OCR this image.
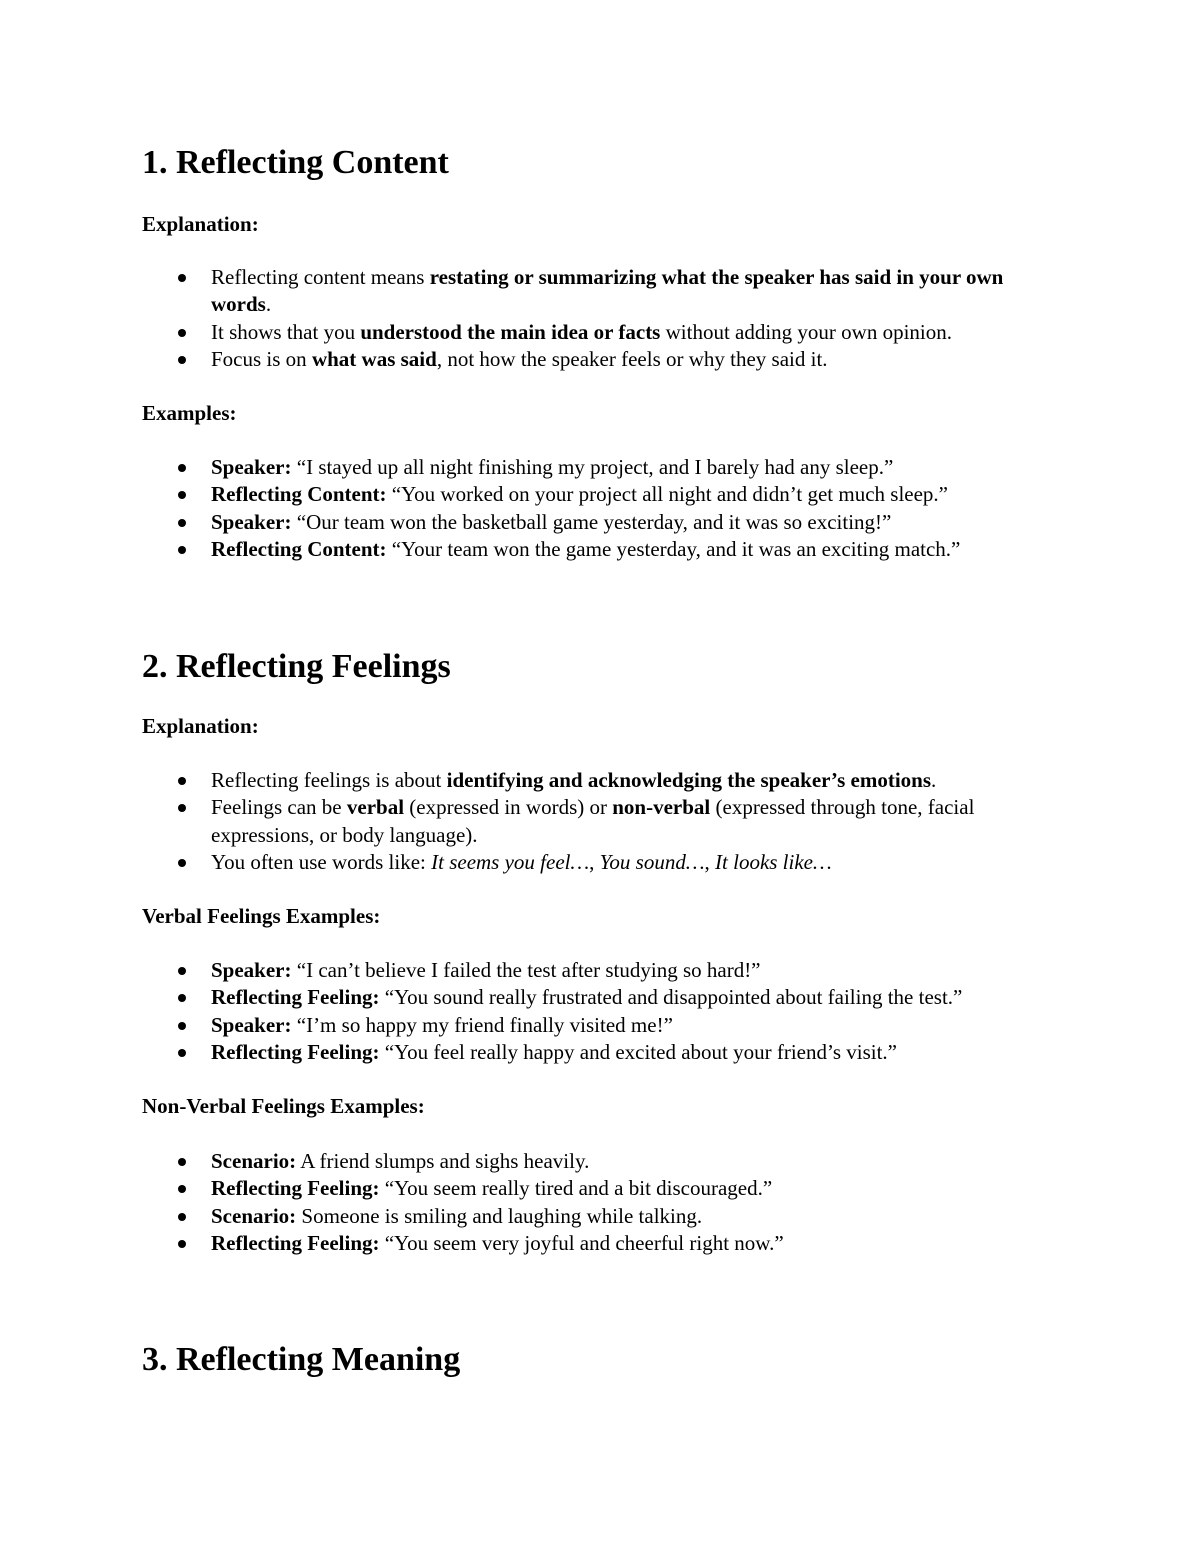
1. Reflecting Content

Explanation:

Reflecting content means restating or summarizing what the speaker has said in your own words.
It shows that you understood the main idea or facts without adding your own opinion.
Focus is on what was said, not how the speaker feels or why they said it.

Examples:

Speaker: “I stayed up all night finishing my project, and I barely had any sleep.”
Reflecting Content: “You worked on your project all night and didn’t get much sleep.”
Speaker: “Our team won the basketball game yesterday, and it was so exciting!”
Reflecting Content: “Your team won the game yesterday, and it was an exciting match.”
2. Reflecting Feelings

Explanation:

Reflecting feelings is about identifying and acknowledging the speaker’s emotions.
Feelings can be verbal (expressed in words) or non-verbal (expressed through tone, facial expressions, or body language).
You often use words like: It seems you feel…, You sound…, It looks like…

Verbal Feelings Examples:

Speaker: “I can’t believe I failed the test after studying so hard!”
Reflecting Feeling: “You sound really frustrated and disappointed about failing the test.”
Speaker: “I’m so happy my friend finally visited me!”
Reflecting Feeling: “You feel really happy and excited about your friend’s visit.”

Non-Verbal Feelings Examples:

Scenario: A friend slumps and sighs heavily.
Reflecting Feeling: “You seem really tired and a bit discouraged.”
Scenario: Someone is smiling and laughing while talking.
Reflecting Feeling: “You seem very joyful and cheerful right now.”
3. Reflecting Meaning
